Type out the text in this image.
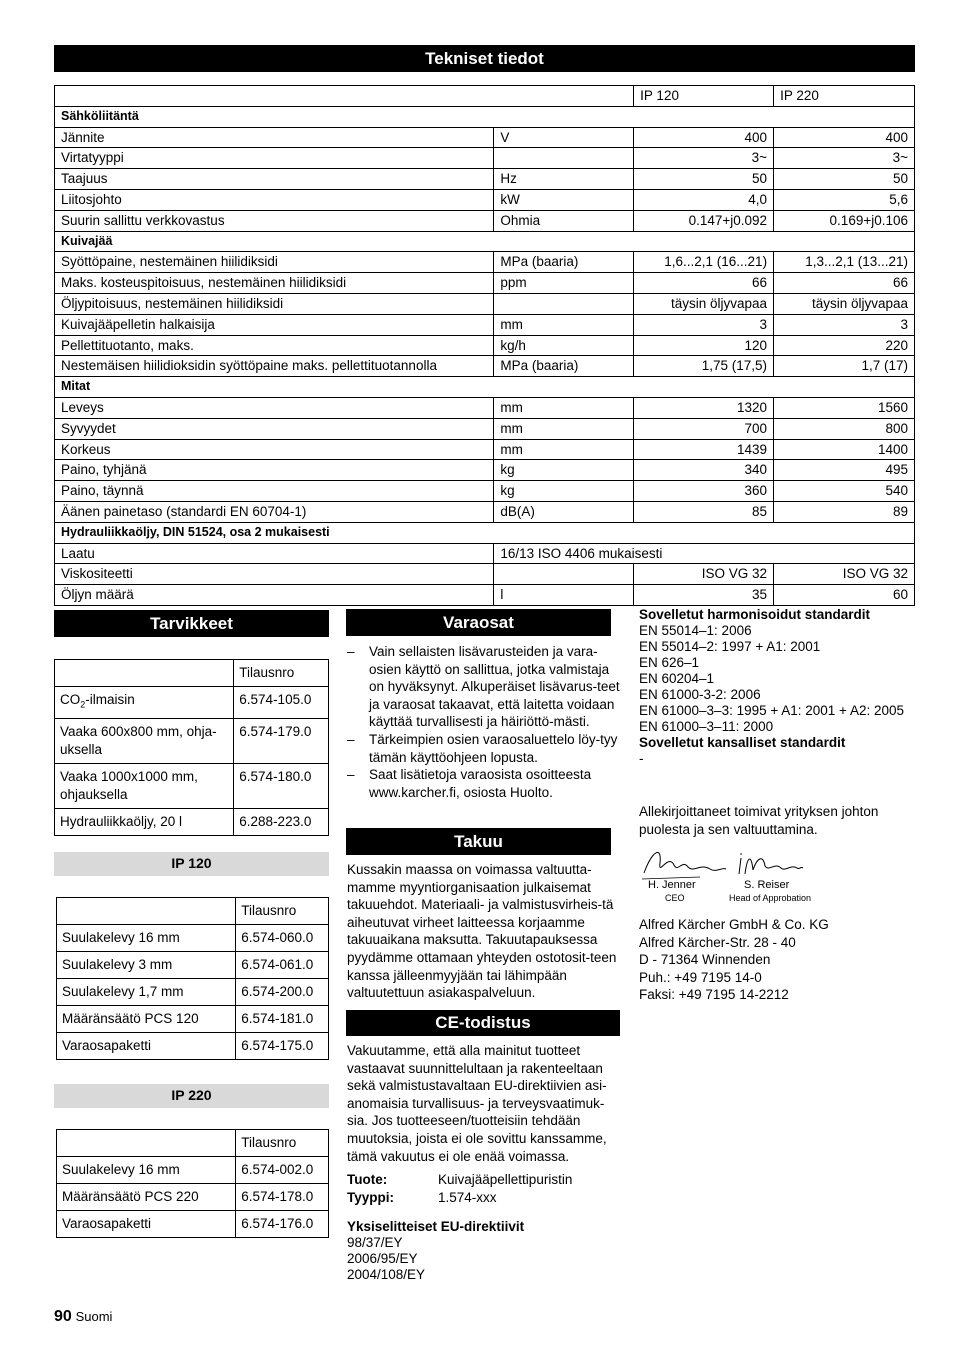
Tekniset tiedot
		IP 120	IP 220
Sähköliitäntä			
Jännite	V	400	400
Virtatyyppi		3~	3~
Taajuus	Hz	50	50
Liitosjohto	kW	4,0	5,6
Suurin sallittu verkkovastus	Ohmia	0.147+j0.092	0.169+j0.106
Kuivajää			
Syöttöpaine, nestemäinen hiilidiksidi	MPa (baaria)	1,6...2,1 (16...21)	1,3...2,1 (13...21)
Maks. kosteuspitoisuus, nestemäinen hiilidiksidi	ppm	66	66
Öljypitoisuus, nestemäinen hiilidiksidi		täysin öljyvapaa	täysin öljyvapaa
Kuivajääpelletin halkaisija	mm	3	3
Pellettituotanto, maks.	kg/h	120	220
Nestemäisen hiilidioksidin syöttöpaine maks. pellettituotannolla	MPa (baaria)	1,75 (17,5)	1,7 (17)
Mitat			
Leveys	mm	1320	1560
Syvyydet	mm	700	800
Korkeus	mm	1439	1400
Paino, tyhjänä	kg	340	495
Paino, täynnä	kg	360	540
Äänen painetaso (standardi EN 60704-1)	dB(A)	85	89
Hydrauliikkaöljy, DIN 51524, osa 2 mukaisesti			
Laatu	16/13 ISO 4406 mukaisesti		
Viskositeetti		ISO VG 32	ISO VG 32
Öljyn määrä	l	35	60
Tarvikkeet
	Tilausnro
$CO_2$-ilmaisin	6.574-105.0
Vaaka 600x800 mm, ohja-uksella	6.574-179.0
Vaaka 1000x1000 mm, ohjauksella	6.574-180.0
Hydrauliikkaöljy, 20 l	6.288-223.0
IP 120
	Tilausnro
Suulakelevy 16 mm	6.574-060.0
Suulakelevy 3 mm	6.574-061.0
Suulakelevy 1,7 mm	6.574-200.0
Määränsäätö PCS 120	6.574-181.0
Varaosapaketti	6.574-175.0
IP 220
	Tilausnro
Suulakelevy 16 mm	6.574-002.0
Määränsäätö PCS 220	6.574-178.0
Varaosapaketti	6.574-176.0
Varaosat
– Vain sellaisten lisävarusteiden ja vara-osien käyttö on sallittua, jotka valmistaja on hyväksynyt. Alkuperäiset lisävarus-teet ja varaosat takaavat, että laitetta voidaan käyttää turvallisesti ja häiriöttö-mästi.
– Tärkeimpien osien varaosaluettelo löy-tyy tämän käyttöohjeen lopusta.
– Saat lisätietoja varaosista osoitteesta www.karcher.fi, osiosta Huolto.
Takuu
Kussakin maassa on voimassa valtuutta-mamme myyntiorganisaation julkaisemat takuuehdot. Materiaali- ja valmistusvirheis-tä aiheutuvat virheet laitteessa korjaamme takuuaikana maksutta. Takuutapauksessa pyydämme ottamaan yhteyden ostotosit-teen kanssa jälleenmyyjään tai lähimpään valtuutettuun asiakaspalveluun.
CE-todistus
Vakuutamme, että alla mainitut tuotteet vastaavat suunnittelultaan ja rakenteeltaan sekä valmistustavaltaan EU-direktiivien asi-anomaisia turvallisuus- ja terveysvaatimuk-sia. Jos tuotteeseen/tuotteisiin tehdään muutoksia, joista ei ole sovittu kanssamme, tämä vakuutus ei ole enää voimassa.
Tuote:	Kuivajääpellettipuristin
Tyyppi:	1.574-xxx
Yksiselitteiset EU-direktiivit
98/37/EY
2006/95/EY
2004/108/EY
Sovelletut harmonisoidut standardit
EN 55014–1: 2006
EN 55014–2: 1997 + A1: 2001
EN 626–1
EN 60204–1
EN 61000-3-2: 2006
EN 61000–3–3: 1995 + A1: 2001 + A2: 2005
EN 61000–3–11: 2000
Sovelletut kansalliset standardit
-
Allekirjoittaneet toimivat yrityksen johton puolesta ja sen valtuuttamina.
H. Jenner
CEO
S. Reiser
Head of Approbation
Alfred Kärcher GmbH & Co. KG
Alfred Kärcher-Str. 28 - 40
D - 71364 Winnenden
Puh.: +49 7195 14-0
Faksi: +49 7195 14-2212
90 Suomi
